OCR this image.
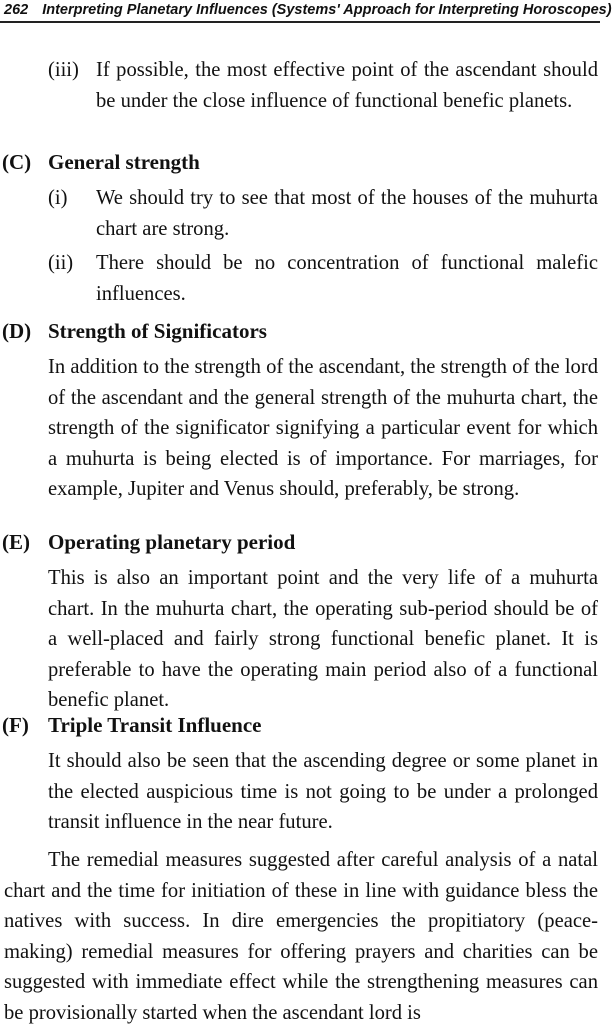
262 Interpreting Planetary Influences (Systems' Approach for Interpreting Horoscopes)
(iii) If possible, the most effective point of the ascendant should be under the close influence of functional benefic planets.
(C) General strength
(i) We should try to see that most of the houses of the muhurta chart are strong.
(ii) There should be no concentration of functional malefic influences.
(D) Strength of Significators
In addition to the strength of the ascendant, the strength of the lord of the ascendant and the general strength of the muhurta chart, the strength of the significator signifying a particular event for which a muhurta is being elected is of importance. For marriages, for example, Jupiter and Venus should, preferably, be strong.
(E) Operating planetary period
This is also an important point and the very life of a muhurta chart. In the muhurta chart, the operating sub-period should be of a well-placed and fairly strong functional benefic planet. It is preferable to have the operating main period also of a functional benefic planet.
(F) Triple Transit Influence
It should also be seen that the ascending degree or some planet in the elected auspicious time is not going to be under a prolonged transit influence in the near future.
The remedial measures suggested after careful analysis of a natal chart and the time for initiation of these in line with guidance bless the natives with success. In dire emergencies the propitiatory (peace-making) remedial measures for offering prayers and charities can be suggested with immediate effect while the strengthening measures can be provisionally started when the ascendant lord is
